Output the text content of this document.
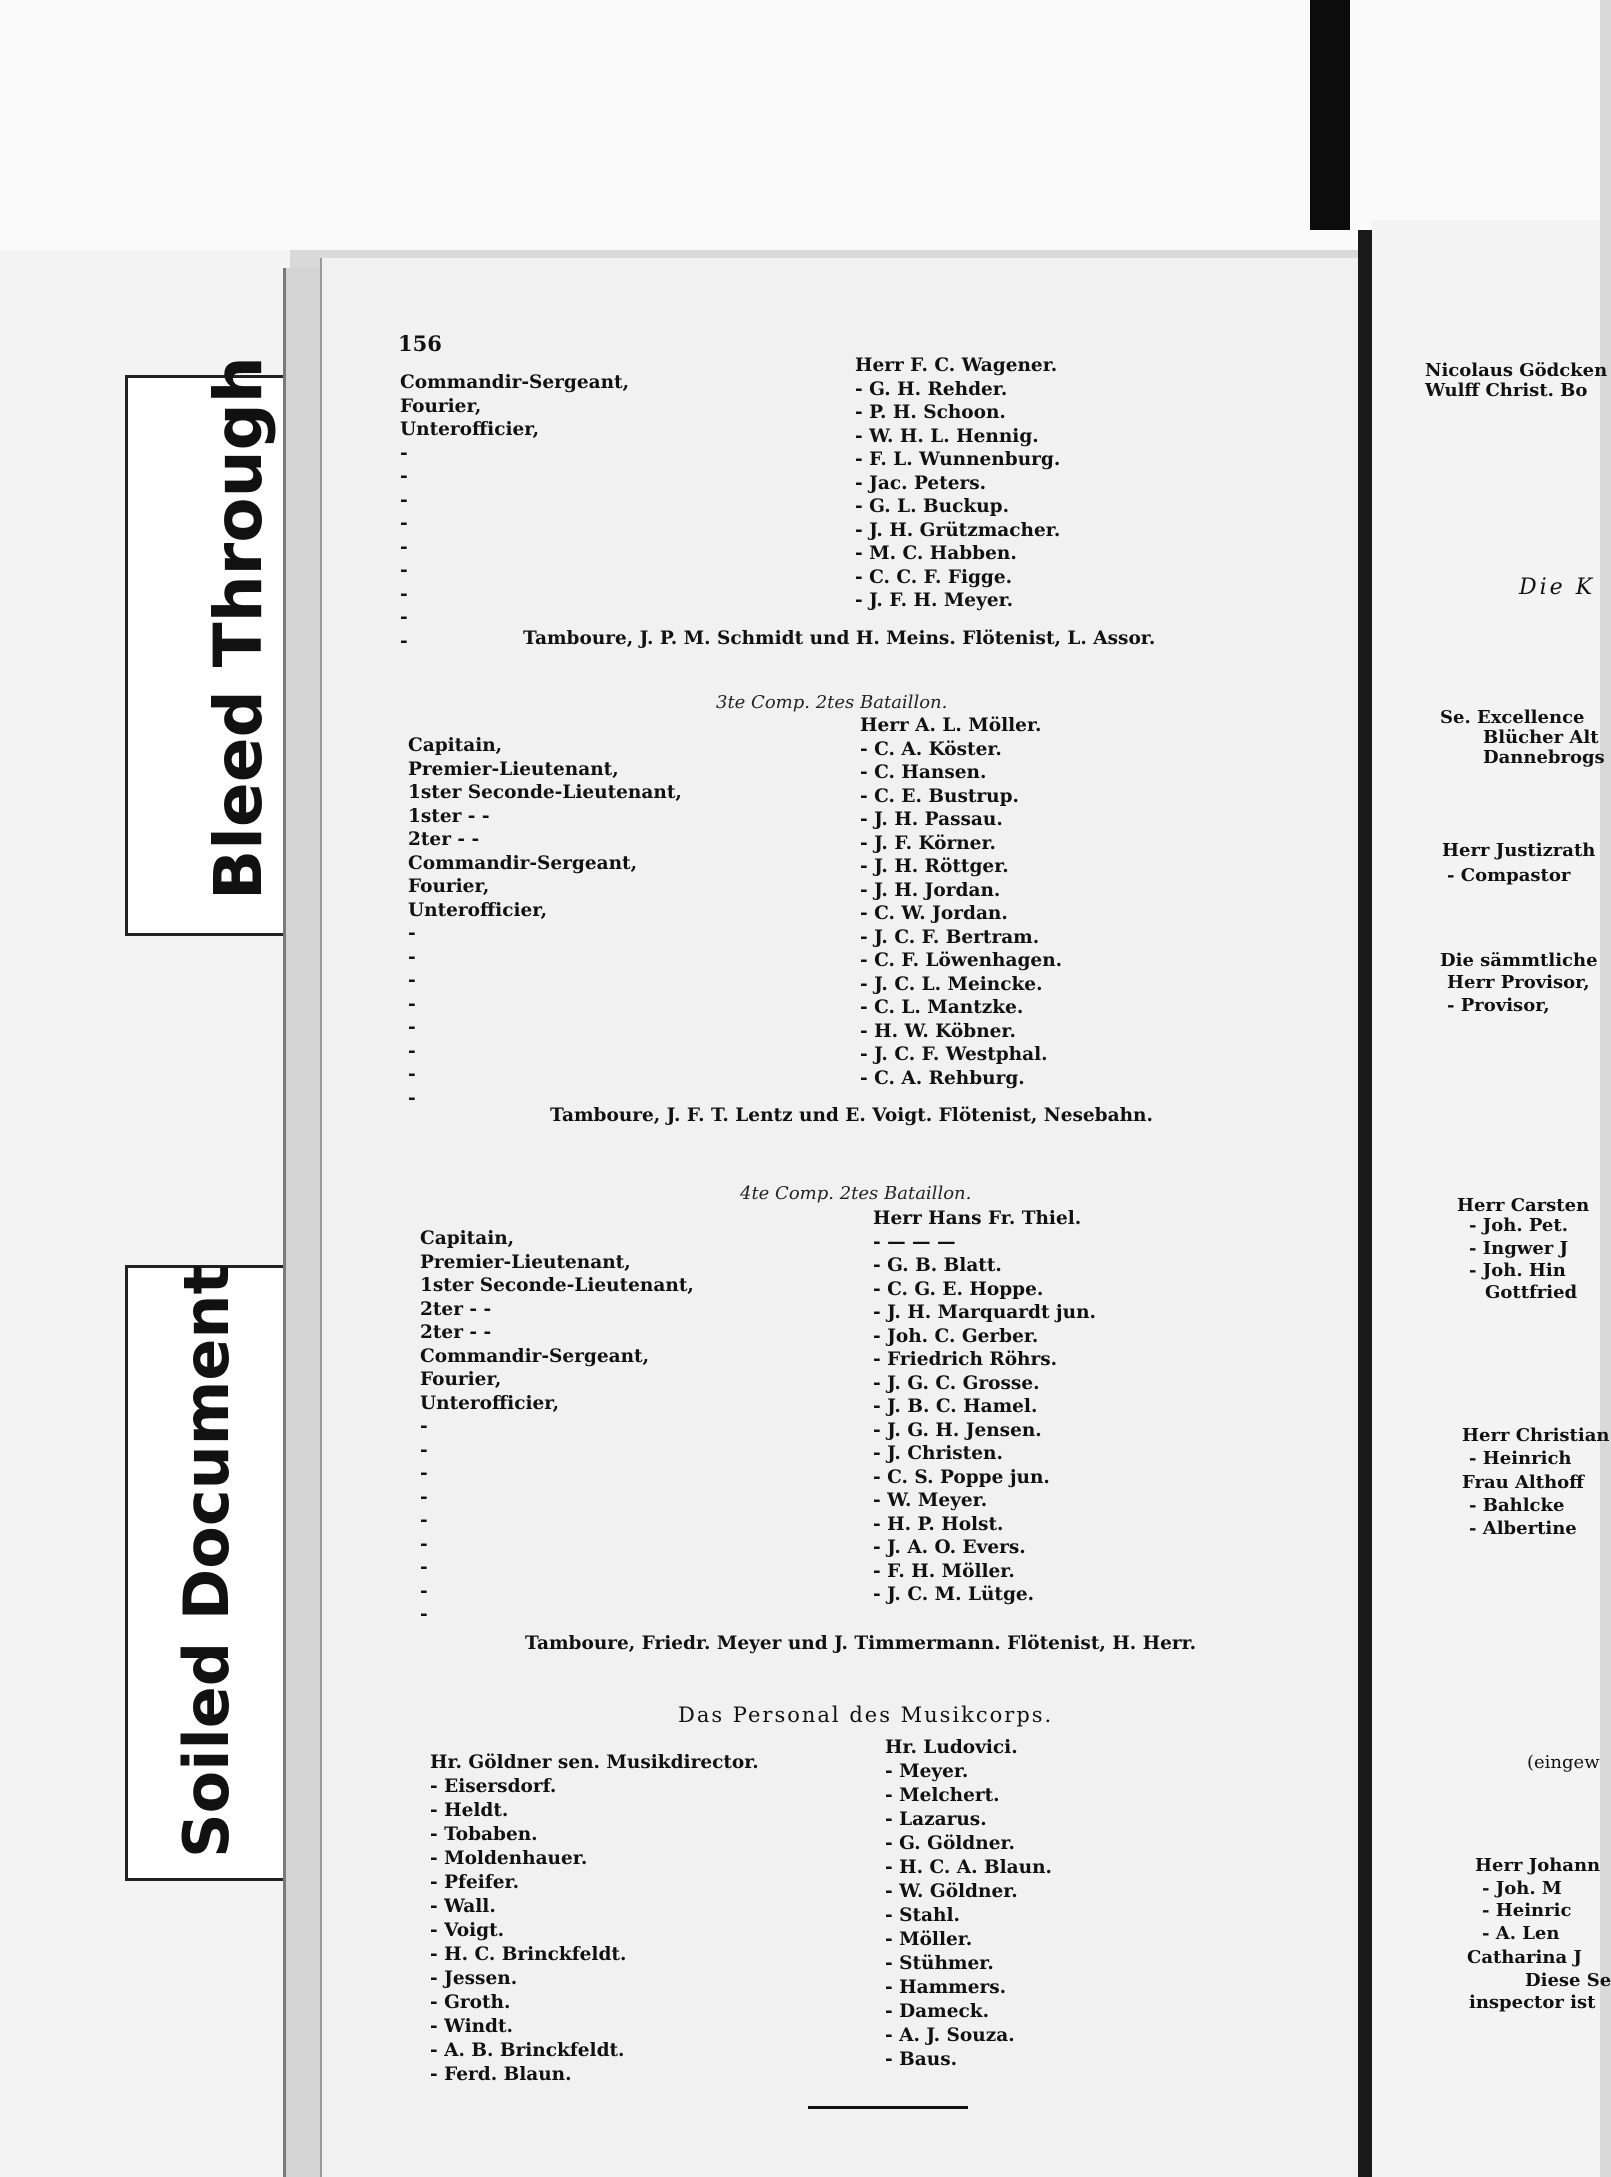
Bleed Through
Soiled Document
Nicolaus Gödcken
Wulff Christ. Bo
Die K
Se. Excellence
Blücher Alt
Dannebrogs
Herr Justizrath
- Compastor
Die sämmtliche
Herr Provisor,
- Provisor,
Herr Carsten
- Joh. Pet.
- Ingwer J
- Joh. Hin
Gottfried
Herr Christian
- Heinrich
Frau Althoff
- Bahlcke
- Albertine
(eingew
Herr Johann
- Joh. M
- Heinric
- A. Len
Catharina J
Diese Se
inspector ist
156
Commandir-Sergeant,
Fourier,
Unterofficier,
-
-
-
-
-
-
-
-
-
Herr F. C. Wagener.
- G. H. Rehder.
- P. H. Schoon.
- W. H. L. Hennig.
- F. L. Wunnenburg.
- Jac. Peters.
- G. L. Buckup.
- J. H. Grützmacher.
- M. C. Habben.
- C. C. F. Figge.
- J. F. H. Meyer.
Tamboure, J. P. M. Schmidt und H. Meins. Flötenist, L. Assor.
3te Comp. 2tes Bataillon.
Capitain,
Premier-Lieutenant,
1ster Seconde-Lieutenant,
1ster - -
2ter - -
Commandir-Sergeant,
Fourier,
Unterofficier,
-
-
-
-
-
-
-
-
Herr A. L. Möller.
- C. A. Köster.
- C. Hansen.
- C. E. Bustrup.
- J. H. Passau.
- J. F. Körner.
- J. H. Röttger.
- J. H. Jordan.
- C. W. Jordan.
- J. C. F. Bertram.
- C. F. Löwenhagen.
- J. C. L. Meincke.
- C. L. Mantzke.
- H. W. Köbner.
- J. C. F. Westphal.
- C. A. Rehburg.
Tamboure, J. F. T. Lentz und E. Voigt. Flötenist, Nesebahn.
4te Comp. 2tes Bataillon.
Capitain,
Premier-Lieutenant,
1ster Seconde-Lieutenant,
2ter - -
2ter - -
Commandir-Sergeant,
Fourier,
Unterofficier,
-
-
-
-
-
-
-
-
-
Herr Hans Fr. Thiel.
- — — —
- G. B. Blatt.
- C. G. E. Hoppe.
- J. H. Marquardt jun.
- Joh. C. Gerber.
- Friedrich Röhrs.
- J. G. C. Grosse.
- J. B. C. Hamel.
- J. G. H. Jensen.
- J. Christen.
- C. S. Poppe jun.
- W. Meyer.
- H. P. Holst.
- J. A. O. Evers.
- F. H. Möller.
- J. C. M. Lütge.
Tamboure, Friedr. Meyer und J. Timmermann. Flötenist, H. Herr.
Das Personal des Musikcorps.
Hr. Göldner sen. Musikdirector.
- Eisersdorf.
- Heldt.
- Tobaben.
- Moldenhauer.
- Pfeifer.
- Wall.
- Voigt.
- H. C. Brinckfeldt.
- Jessen.
- Groth.
- Windt.
- A. B. Brinckfeldt.
- Ferd. Blaun.
Hr. Ludovici.
- Meyer.
- Melchert.
- Lazarus.
- G. Göldner.
- H. C. A. Blaun.
- W. Göldner.
- Stahl.
- Möller.
- Stühmer.
- Hammers.
- Dameck.
- A. J. Souza.
- Baus.
